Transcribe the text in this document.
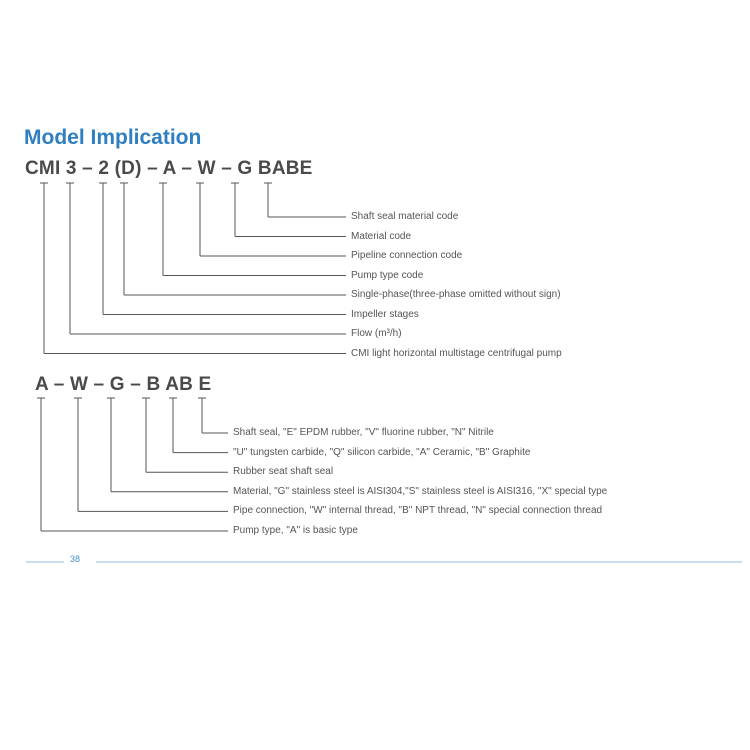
Model Implication
CMI 3 – 2 (D) – A – W – G BABE
A – W – G – B AB E
Shaft seal material code
Material code
Pipeline connection code
Pump type code
Single-phase(three-phase omitted without sign)
Impeller stages
Flow (m³/h)
CMI light horizontal multistage centrifugal pump
Shaft seal, "E" EPDM rubber, "V" fluorine rubber, "N" Nitrile
"U" tungsten carbide, "Q" silicon carbide, "A" Ceramic, "B" Graphite
Rubber seat shaft seal
Material, "G" stainless steel is AISI304,"S" stainless steel is AISI316, "X" special type
Pipe connection, "W" internal thread, "B" NPT thread, "N" special connection thread
Pump type, "A" is basic type
38
